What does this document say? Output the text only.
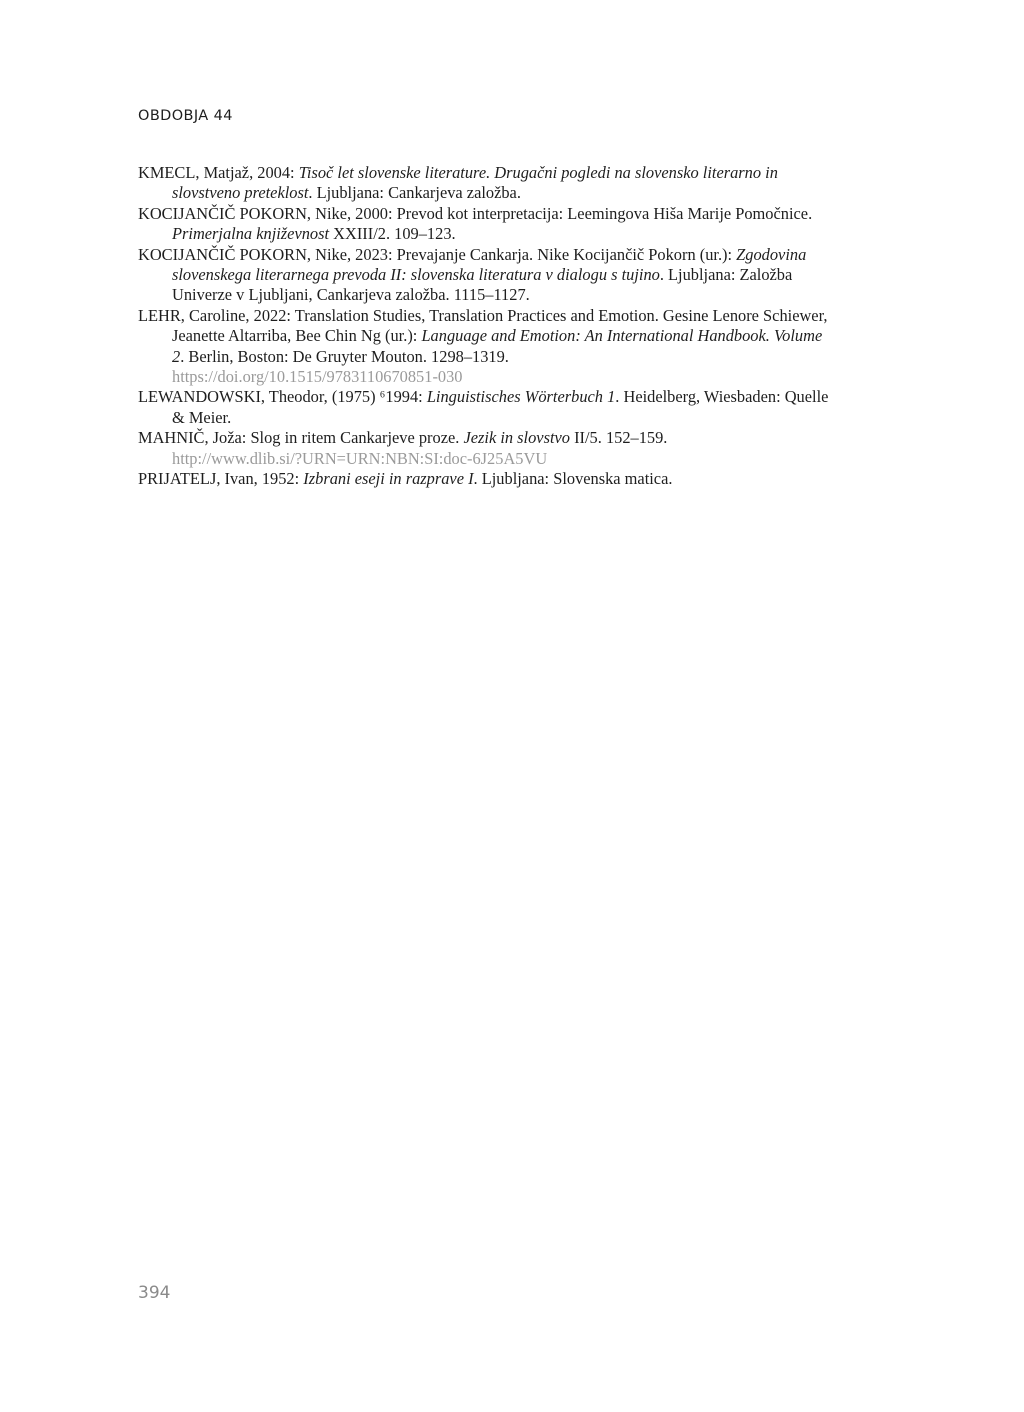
OBDOBJA 44

KMECL, Matjaž, 2004: Tisoč let slovenske literature. Drugačni pogledi na slovensko literarno in slovstveno preteklost. Ljubljana: Cankarjeva založba.

KOCIJANČIČ POKORN, Nike, 2000: Prevod kot interpretacija: Leemingova Hiša Marije Pomočnice. Primerjalna književnost XXIII/2. 109–123.

KOCIJANČIČ POKORN, Nike, 2023: Prevajanje Cankarja. Nike Kocijančič Pokorn (ur.): Zgodovina slovenskega literarnega prevoda II: slovenska literatura v dialogu s tujino. Ljubljana: Založba Univerze v Ljubljani, Cankarjeva založba. 1115–1127.

LEHR, Caroline, 2022: Translation Studies, Translation Practices and Emotion. Gesine Lenore Schiewer, Jeanette Altarriba, Bee Chin Ng (ur.): Language and Emotion: An International Handbook. Volume 2. Berlin, Boston: De Gruyter Mouton. 1298–1319.
https://doi.org/10.1515/9783110670851-030

LEWANDOWSKI, Theodor, (1975) ⁶1994: Linguistisches Wörterbuch 1. Heidelberg, Wiesbaden: Quelle & Meier.

MAHNIČ, Joža: Slog in ritem Cankarjeve proze. Jezik in slovstvo II/5. 152–159.
http://www.dlib.si/?URN=URN:NBN:SI:doc-6J25A5VU

PRIJATELJ, Ivan, 1952: Izbrani eseji in razprave I. Ljubljana: Slovenska matica.

394
